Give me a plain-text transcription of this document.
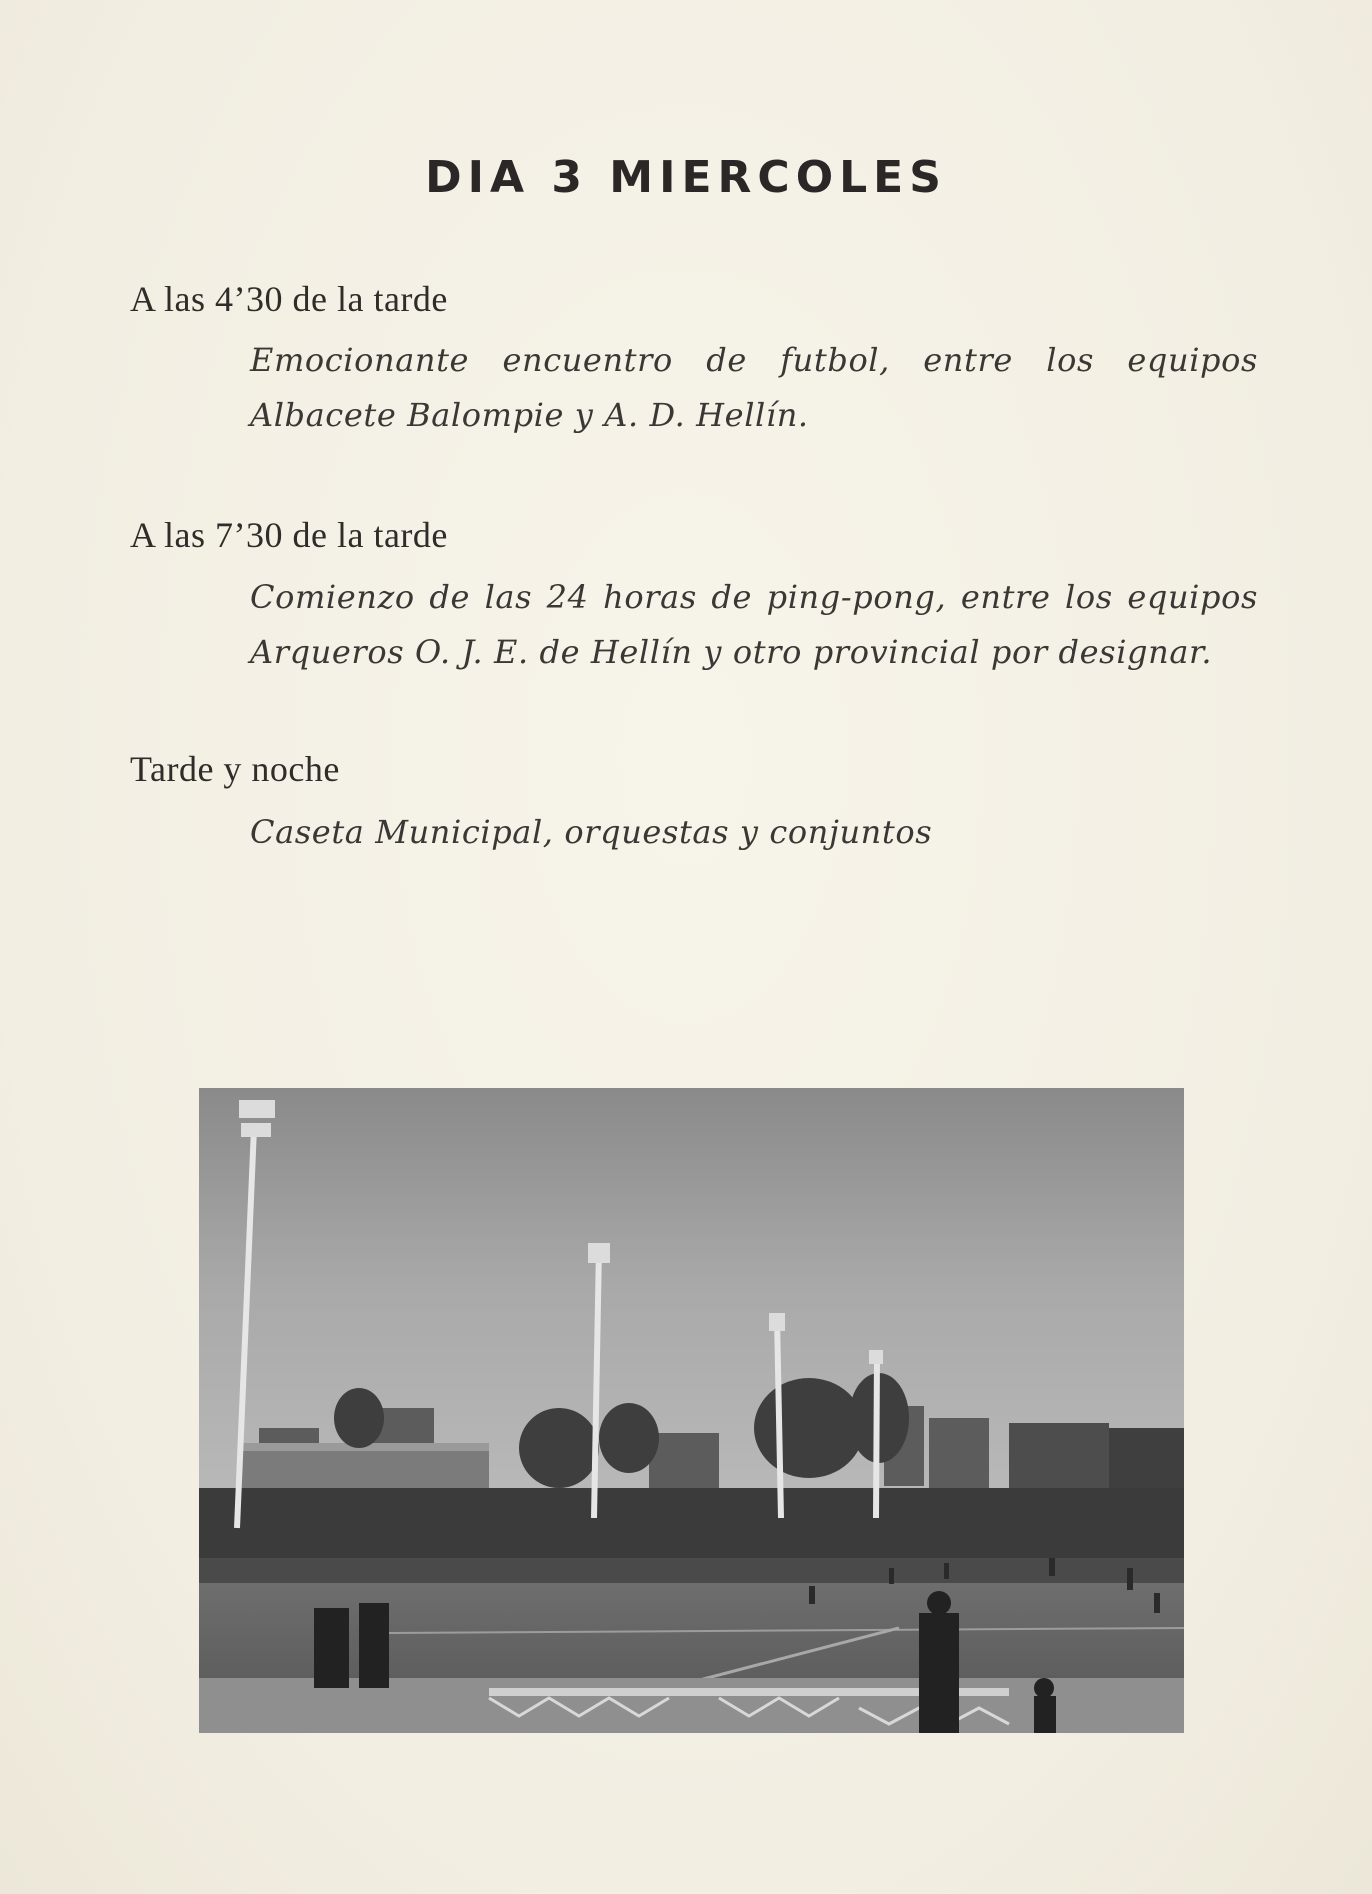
DIA 3 MIERCOLES
A las 4’30 de la tarde
Emocionante encuentro de futbol, entre los equipos
Albacete Balompie y A. D. Hellín.
A las 7’30 de la tarde
Comienzo de las 24 horas de ping-pong, entre los equipos
Arqueros O. J. E. de Hellín y otro provincial por designar.
Tarde y noche
Caseta Municipal, orquestas y conjuntos
